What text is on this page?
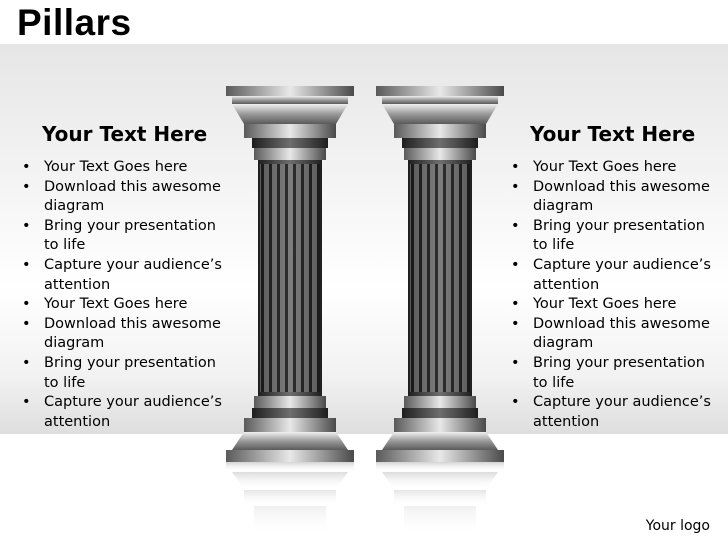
Pillars
Your Text Here
• Your Text Goes here
• Download this awesome diagram
• Bring your presentation to life
• Capture your audience’s attention
• Your Text Goes here
• Download this awesome diagram
• Bring your presentation to life
• Capture your audience’s attention
Your Text Here
• Your Text Goes here
• Download this awesome diagram
• Bring your presentation to life
• Capture your audience’s attention
• Your Text Goes here
• Download this awesome diagram
• Bring your presentation to life
• Capture your audience’s attention
Your logo
